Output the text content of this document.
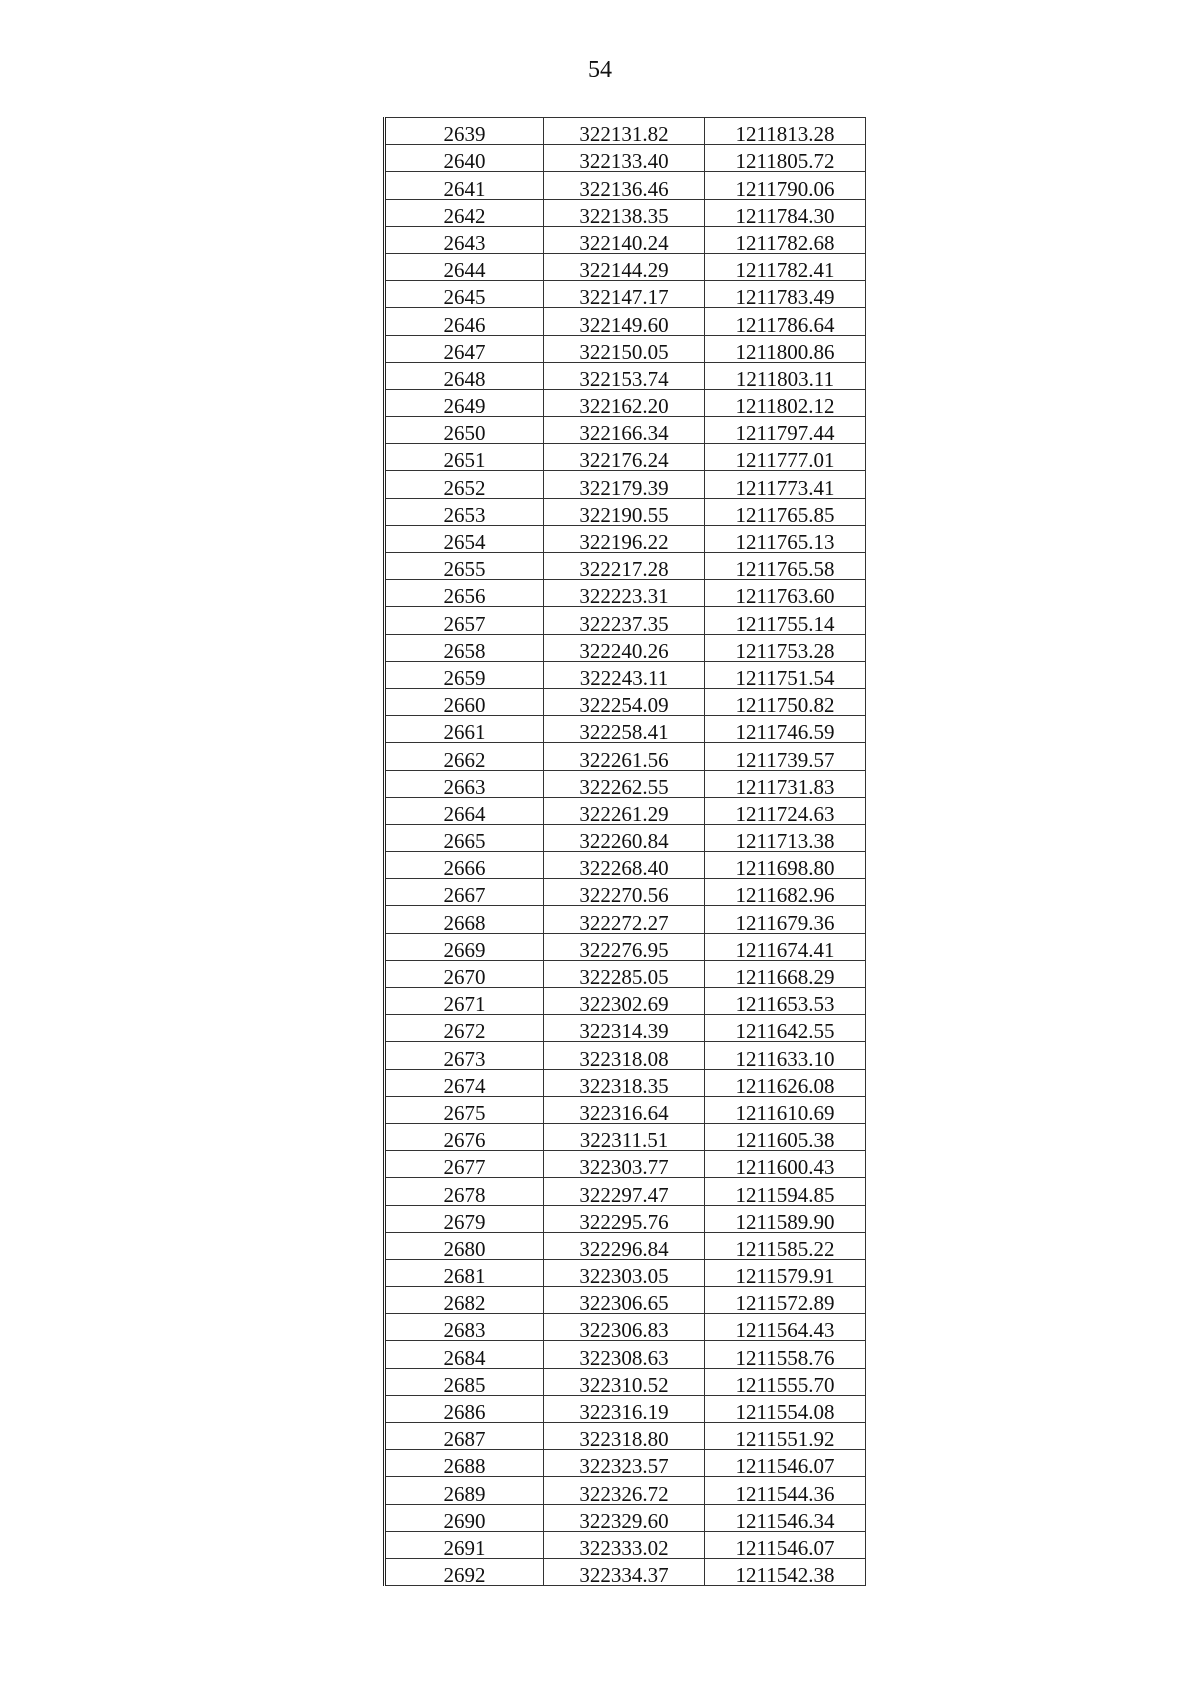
54
2639	322131.82	1211813.28
2640	322133.40	1211805.72
2641	322136.46	1211790.06
2642	322138.35	1211784.30
2643	322140.24	1211782.68
2644	322144.29	1211782.41
2645	322147.17	1211783.49
2646	322149.60	1211786.64
2647	322150.05	1211800.86
2648	322153.74	1211803.11
2649	322162.20	1211802.12
2650	322166.34	1211797.44
2651	322176.24	1211777.01
2652	322179.39	1211773.41
2653	322190.55	1211765.85
2654	322196.22	1211765.13
2655	322217.28	1211765.58
2656	322223.31	1211763.60
2657	322237.35	1211755.14
2658	322240.26	1211753.28
2659	322243.11	1211751.54
2660	322254.09	1211750.82
2661	322258.41	1211746.59
2662	322261.56	1211739.57
2663	322262.55	1211731.83
2664	322261.29	1211724.63
2665	322260.84	1211713.38
2666	322268.40	1211698.80
2667	322270.56	1211682.96
2668	322272.27	1211679.36
2669	322276.95	1211674.41
2670	322285.05	1211668.29
2671	322302.69	1211653.53
2672	322314.39	1211642.55
2673	322318.08	1211633.10
2674	322318.35	1211626.08
2675	322316.64	1211610.69
2676	322311.51	1211605.38
2677	322303.77	1211600.43
2678	322297.47	1211594.85
2679	322295.76	1211589.90
2680	322296.84	1211585.22
2681	322303.05	1211579.91
2682	322306.65	1211572.89
2683	322306.83	1211564.43
2684	322308.63	1211558.76
2685	322310.52	1211555.70
2686	322316.19	1211554.08
2687	322318.80	1211551.92
2688	322323.57	1211546.07
2689	322326.72	1211544.36
2690	322329.60	1211546.34
2691	322333.02	1211546.07
2692	322334.37	1211542.38
